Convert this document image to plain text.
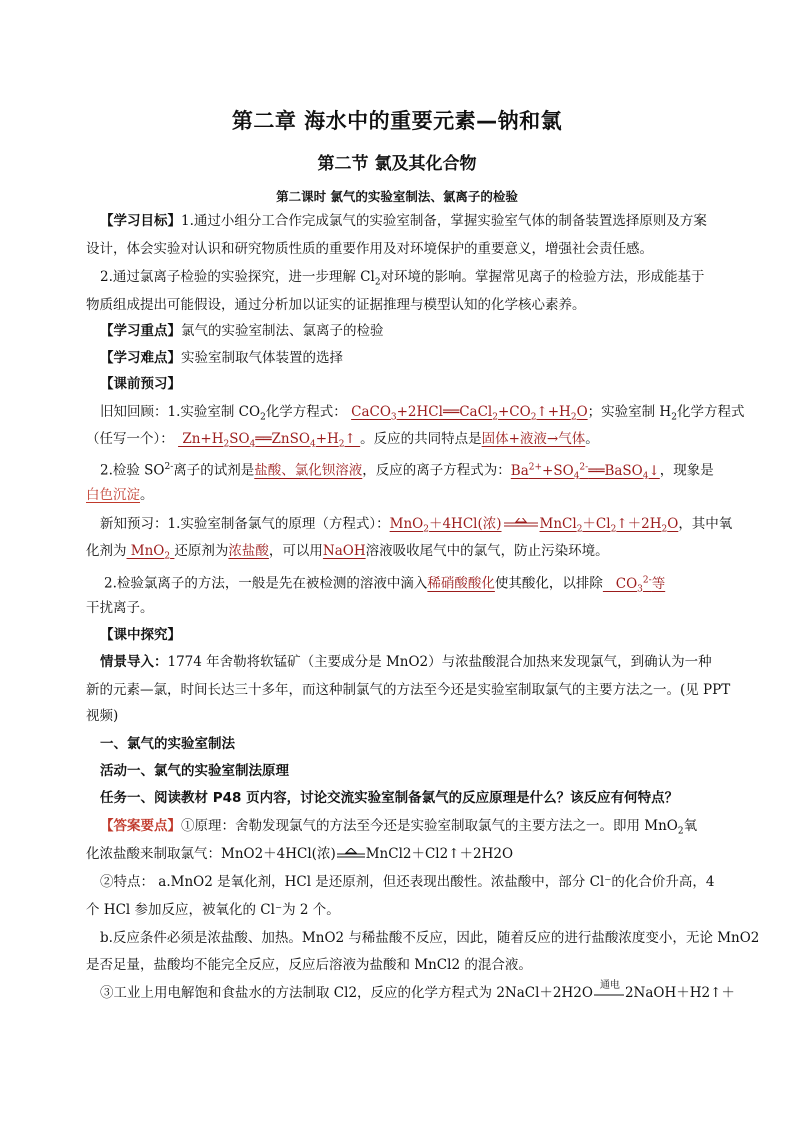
第二章 海水中的重要元素—钠和氯
第二节 氯及其化合物
第二课时 氯气的实验室制法、氯离子的检验
【学习目标】1.通过小组分工合作完成氯气的实验室制备，掌握实验室气体的制备装置选择原则及方案
设计，体会实验对认识和研究物质性质的重要作用及对环境保护的重要意义，增强社会责任感。
2.通过氯离子检验的实验探究，进一步理解 $Cl_2$对环境的影响。掌握常见离子的检验方法，形成能基于
物质组成提出可能假设，通过分析加以证实的证据推理与模型认知的化学核心素养。
【学习重点】氯气的实验室制法、氯离子的检验
【学习难点】实验室制取气体装置的选择
【课前预习】
旧知回顾：1.实验室制 $CO_2$化学方程式： $CaCO_3+2HCl══CaCl_2+CO_2↑+H_2O$；实验室制 $H_2$化学方程式
（任写一个）：  $Zn+H_2SO_4══ZnSO_4+H_2↑$ 。反应的共同特点是固体+液液→气体。
2.检验 $SO^{2-}$离子的试剂是盐酸、氯化钡溶液，反应的离子方程式为：$Ba^{2+}+SO_4^{2-}══BaSO_4↓$，现象是
白色沉淀。
新知预习：1.实验室制备氯气的原理（方程式）：MnO$_2$＋4HCl(浓)	$MnCl_2+Cl_2↑+2H_2O$，其中氧
化剂为 MnO$_2$ 还原剂为浓盐酸，可以用NaOH溶液吸收尾气中的氯气，防止污染环境。
2.检验氯离子的方法，一般是先在被检测的溶液中滴入稀硝酸酸化使其酸化，以排除   $CO_3^{2-}$等
干扰离子。
【课中探究】
情景导入：1774 年舍勒将软锰矿（主要成分是 MnO2）与浓盐酸混合加热来发现氯气，到确认为一种
新的元素—氯，时间长达三十多年，而这种制氯气的方法至今还是实验室制取氯气的主要方法之一。(见 PPT
视频)
一、氯气的实验室制法
活动一、氯气的实验室制法原理
任务一、阅读教材 P48 页内容，讨论交流实验室制备氯气的反应原理是什么？该反应有何特点？
【答案要点】①原理：舍勒发现氯气的方法至今还是实验室制取氯气的主要方法之一。即用 MnO$_2$氧
化浓盐酸来制取氯气：MnO2＋4HCl(浓) MnCl2＋Cl2↑＋2H2O
②特点： a.MnO2 是氧化剂，HCl 是还原剂，但还表现出酸性。浓盐酸中，部分 Cl⁻的化合价升高，4
个 HCl 参加反应，被氧化的 Cl⁻为 2 个。
b.反应条件必须是浓盐酸、加热。MnO2 与稀盐酸不反应，因此，随着反应的进行盐酸浓度变小，无论 MnO2
是否足量，盐酸均不能完全反应，反应后溶液为盐酸和 MnCl2 的混合液。
③工业上用电解饱和食盐水的方法制取 Cl2，反应的化学方程式为 2NaCl＋2H2O 通电 2NaOH＋H2↑＋
